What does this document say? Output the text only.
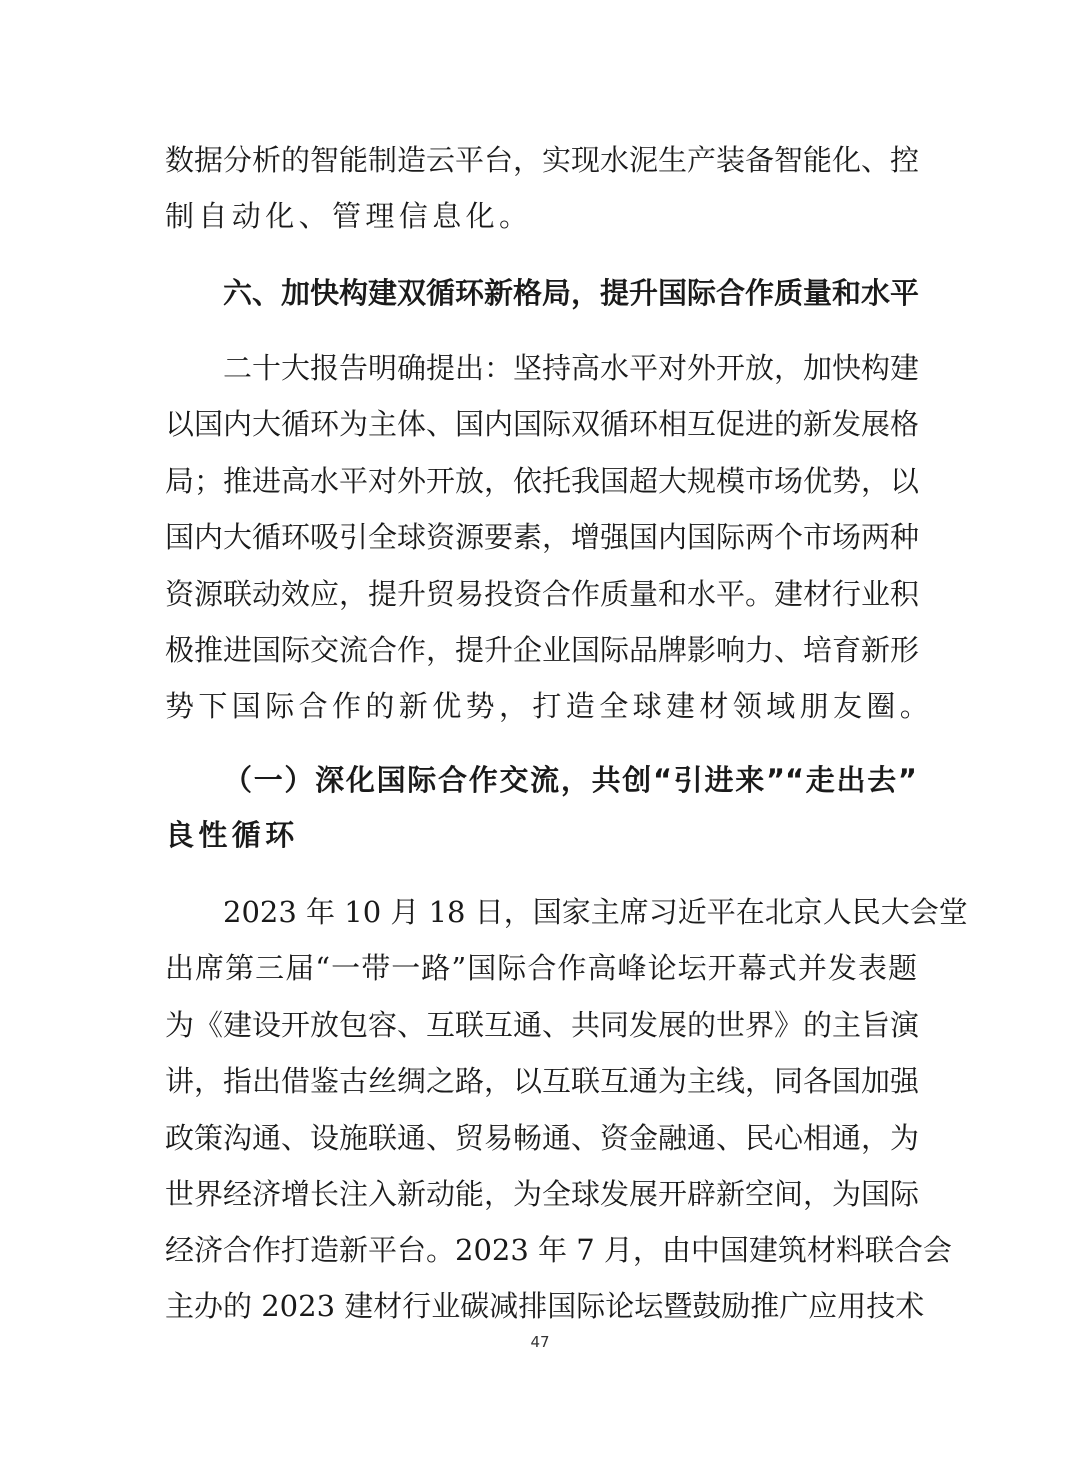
数据分析的智能制造云平台，实现水泥生产装备智能化、控
制自动化、管理信息化。
六、加快构建双循环新格局，提升国际合作质量和水平
二十大报告明确提出：坚持高水平对外开放，加快构建
以国内大循环为主体、国内国际双循环相互促进的新发展格
局；推进高水平对外开放，依托我国超大规模市场优势，以
国内大循环吸引全球资源要素，增强国内国际两个市场两种
资源联动效应，提升贸易投资合作质量和水平。建材行业积
极推进国际交流合作，提升企业国际品牌影响力、培育新形
势下国际合作的新优势，打造全球建材领域朋友圈。
（一）深化国际合作交流，共创“引进来”“走出去”
良性循环
2023 年 10 月 18 日，国家主席习近平在北京人民大会堂
出席第三届“一带一路”国际合作高峰论坛开幕式并发表题
为《建设开放包容、互联互通、共同发展的世界》的主旨演
讲，指出借鉴古丝绸之路，以互联互通为主线，同各国加强
政策沟通、设施联通、贸易畅通、资金融通、民心相通，为
世界经济增长注入新动能，为全球发展开辟新空间，为国际
经济合作打造新平台。2023 年 7 月，由中国建筑材料联合会
主办的 2023 建材行业碳减排国际论坛暨鼓励推广应用技术
47
